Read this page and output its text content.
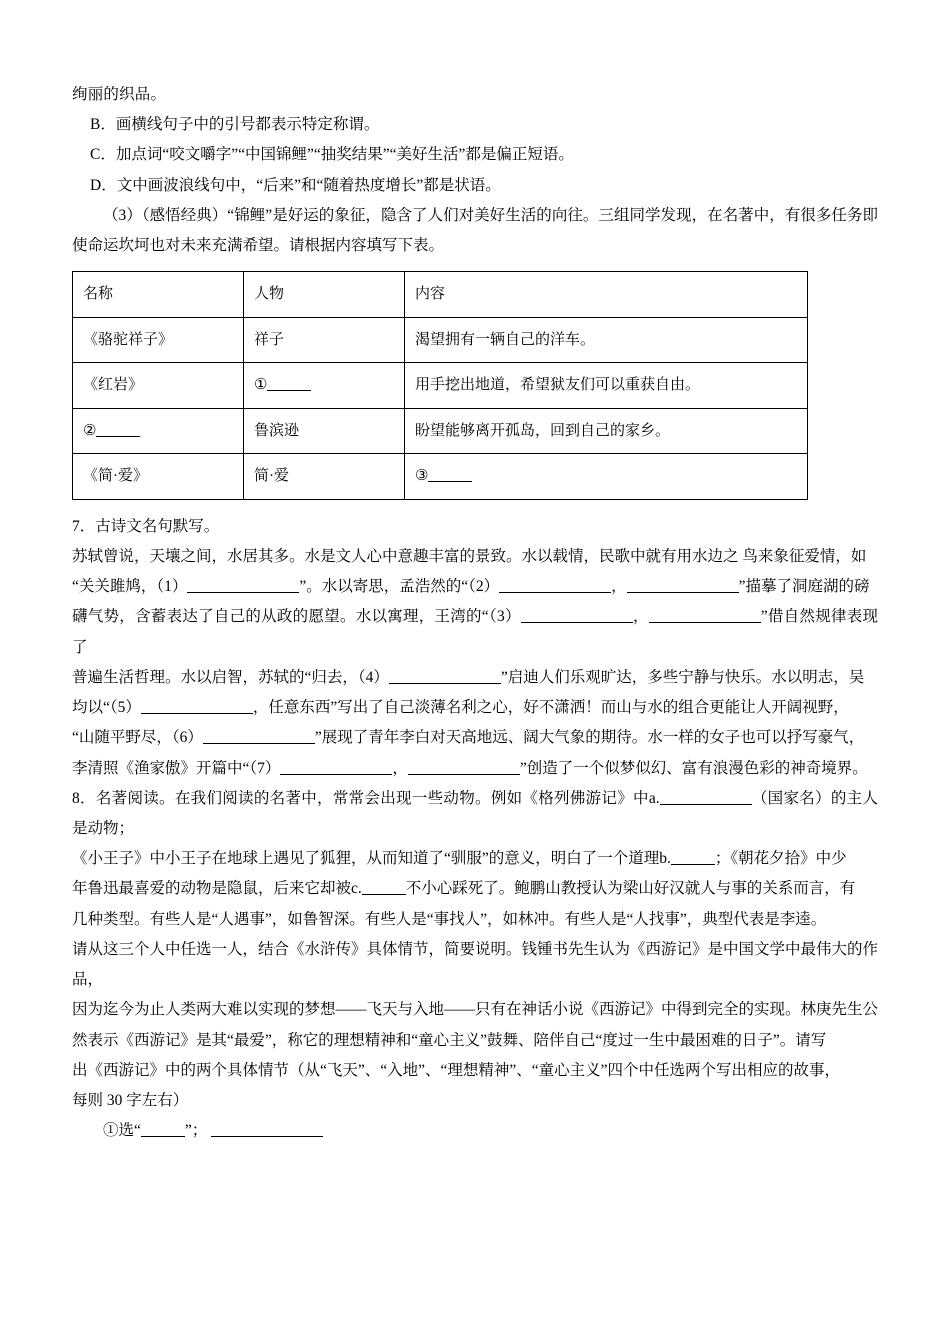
绚丽的织品。

B．画横线句子中的引号都表示特定称谓。

C．加点词“咬文嚼字”“中国锦鲤”“抽奖结果”“美好生活”都是偏正短语。

D．文中画波浪线句中，“后来”和“随着热度增长”都是状语。

（3）（感悟经典）“锦鲤”是好运的象征，隐含了人们对美好生活的向往。三组同学发现，在名著中，有很多任务即使命运坎坷也对未来充满希望。请根据内容填写下表。

名称	人物	内容
《骆驼祥子》	祥子	渴望拥有一辆自己的洋车。
《红岩》	①	用手挖出地道，希望狱友们可以重获自由。
②	鲁滨逊	盼望能够离开孤岛，回到自己的家乡。
《简·爱》	简·爱	③

7．古诗文名句默写。

苏轼曾说，天壤之间，水居其多。水是文人心中意趣丰富的景致。水以载情，民歌中就有用水边之 鸟来象征爱情，如

“关关雎鸠，（1）	”。水以寄思，孟浩然的“（2）	，	”描摹了洞庭湖的磅

礴气势，含蓄表达了自己的从政的愿望。水以寓理，王湾的“（3）	，	”借自然规律表现了

普遍生活哲理。水以启智，苏轼的“归去，（4）	”启迪人们乐观旷达，多些宁静与快乐。水以明志，吴

均以“（5）	，任意东西”写出了自己淡薄名利之心，好不潇洒！而山与水的组合更能让人开阔视野，

“山随平野尽，（6）	”展现了青年李白对天高地远、阔大气象的期待。水一样的女子也可以抒写豪气，

李清照《渔家傲》开篇中“（7）	，	”创造了一个似梦似幻、富有浪漫色彩的神奇境界。

8．名著阅读。在我们阅读的名著中，常常会出现一些动物。例如《格列佛游记》中a.	（国家名）的主人是动物；

《小王子》中小王子在地球上遇见了狐狸，从而知道了“驯服”的意义，明白了一个道理b.	；《朝花夕拾》中少

年鲁迅最喜爱的动物是隐鼠，后来它却被c.	不小心踩死了。鲍鹏山教授认为梁山好汉就人与事的关系而言，有

几种类型。有些人是“人遇事”，如鲁智深。有些人是“事找人”，如林冲。有些人是“人找事”，典型代表是李逵。

请从这三个人中任选一人，结合《水浒传》具体情节，简要说明。钱锺书先生认为《西游记》是中国文学中最伟大的作品，

因为迄今为止人类两大难以实现的梦想——飞天与入地——只有在神话小说《西游记》中得到完全的实现。林庚先生公

然表示《西游记》是其“最爱”，称它的理想精神和“童心主义”鼓舞、陪伴自己“度过一生中最困难的日子”。请写

出《西游记》中的两个具体情节（从“飞天”、“入地”、“理想精神”、“童心主义”四个中任选两个写出相应的故事，

每则 30 字左右）

①选“	”；
